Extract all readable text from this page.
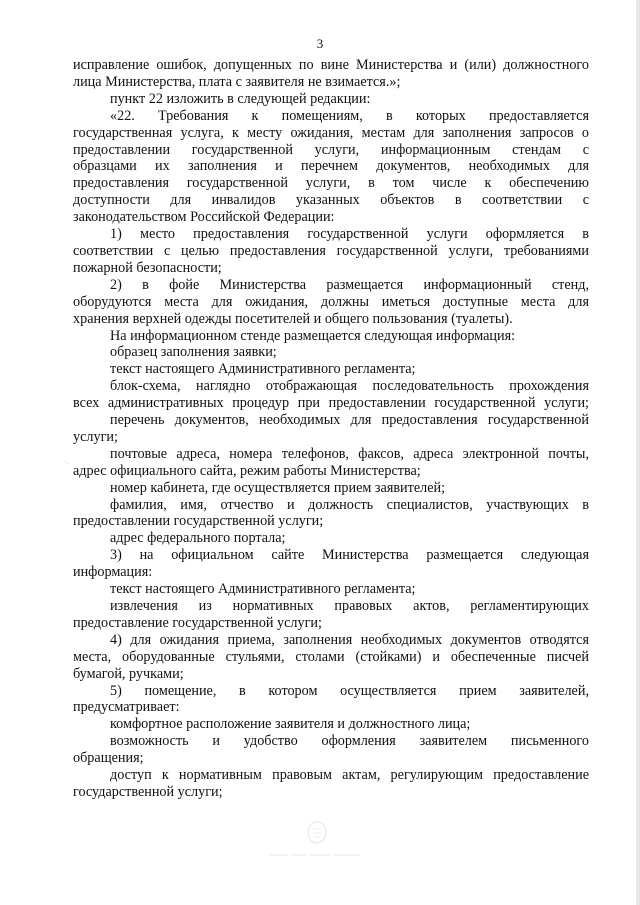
3
исправление ошибок, допущенных по вине Министерства и (или) должностного
лица Министерства, плата с заявителя не взимается.»;
пункт 22 изложить в следующей редакции:
«22. Требования к помещениям, в которых предоставляется
государственная услуга, к месту ожидания, местам для заполнения запросов о
предоставлении государственной услуги, информационным стендам с
образцами их заполнения и перечнем документов, необходимых для
предоставления государственной услуги, в том числе к обеспечению
доступности для инвалидов указанных объектов в соответствии с
законодательством Российской Федерации:
1) место предоставления государственной услуги оформляется в
соответствии с целью предоставления государственной услуги, требованиями
пожарной безопасности;
2) в фойе Министерства размещается информационный стенд,
оборудуются места для ожидания, должны иметься доступные места для
хранения верхней одежды посетителей и общего пользования (туалеты).
На информационном стенде размещается следующая информация:
образец заполнения заявки;
текст настоящего Административного регламента;
блок-схема, наглядно отображающая последовательность прохождения
всех административных процедур при предоставлении государственной услуги;
перечень документов, необходимых для предоставления государственной
услуги;
почтовые адреса, номера телефонов, факсов, адреса электронной почты,
адрес официального сайта, режим работы Министерства;
номер кабинета, где осуществляется прием заявителей;
фамилия, имя, отчество и должность специалистов, участвующих в
предоставлении государственной услуги;
адрес федерального портала;
3) на официальном сайте Министерства размещается следующая
информация:
текст настоящего Административного регламента;
извлечения из нормативных правовых актов, регламентирующих
предоставление государственной услуги;
4) для ожидания приема, заполнения необходимых документов отводятся
места, оборудованные стульями, столами (стойками) и обеспеченные писчей
бумагой, ручками;
5) помещение, в котором осуществляется прием заявителей,
предусматривает:
комфортное расположение заявителя и должностного лица;
возможность и удобство оформления заявителем письменного
обращения;
доступ к нормативным правовым актам, регулирующим предоставление
государственной услуги;
